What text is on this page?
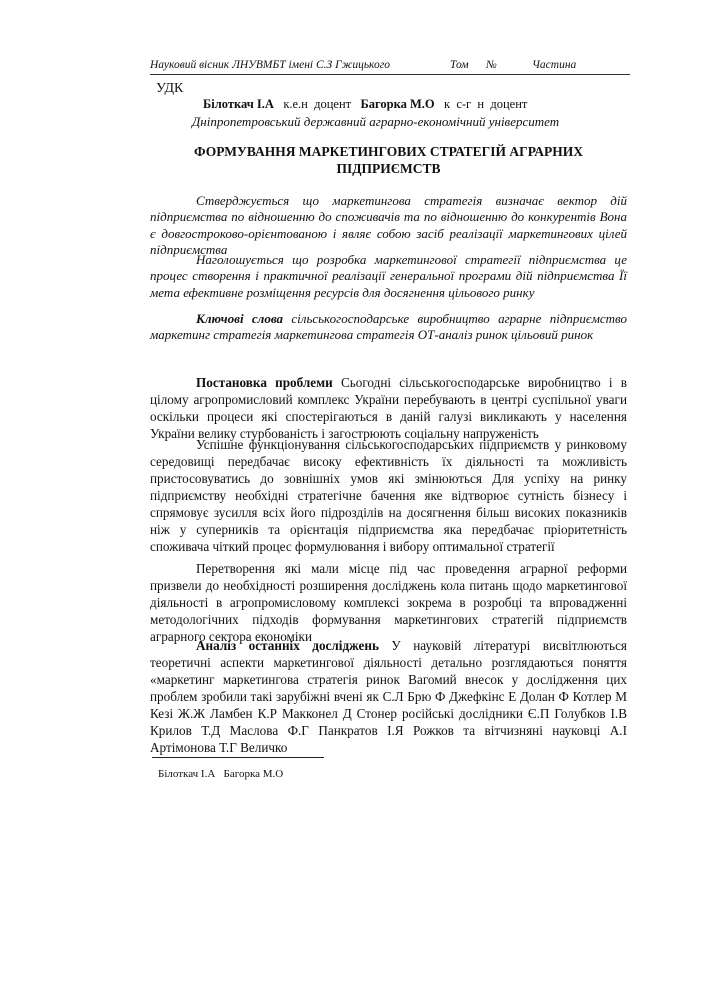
Науковий вісник ЛНУВМБТ імені С.З Гжицького	Том №	Частина
УДК
Білоткач І.А к.е.н  доцент Багорка М.О к  с-г  н  доцент
Дніпропетровський державний аграрно-економічний університет
ФОРМУВАННЯ МАРКЕТИНГОВИХ СТРАТЕГІЙ АГРАРНИХ ПІДПРИЄМСТВ
Стверджується що маркетингова стратегія визначає вектор дій підприємства по відношенню до споживачів та по відношенню до конкурентів Вона є довгостроково-орієнтованою і являє собою засіб реалізації маркетингових цілей підприємства
Наголошується що розробка маркетингової стратегії підприємства це процес створення і практичної реалізації генеральної програми дій підприємства Її мета ефективне розміщення ресурсів для досягнення цільового ринку
Ключові слова сільськогосподарське виробництво аграрне підприємство маркетинг стратегія маркетингова стратегія ОТ-аналіз ринок цільовий ринок
Постановка проблеми Сьогодні сільськогосподарське виробництво і в цілому агропромисловий комплекс України перебувають в центрі суспільної уваги оскільки процеси які спостерігаються в даній галузі викликають у населення України велику стурбованість і загострюють соціальну напруженість
Успішне функціонування сільськогосподарських підприємств у ринковому середовищі передбачає високу ефективність їх діяльності та можливість пристосовуватись до зовнішніх умов які змінюються Для успіху на ринку підприємству необхідні стратегічне бачення яке відтворює сутність бізнесу і спрямовує зусилля всіх його підрозділів на досягнення більш високих показників ніж у суперників та орієнтація підприємства яка передбачає пріоритетність споживача чіткий процес формулювання і вибору оптимальної стратегії
Перетворення які мали місце під час проведення аграрної реформи призвели до необхідності розширення досліджень кола питань щодо маркетингової діяльності в агропромисловому комплексі зокрема в розробці та впровадженні методологічних підходів формування маркетингових стратегій підприємств аграрного сектора економіки
Аналіз останніх досліджень У науковій літературі висвітлюються теоретичні аспекти маркетингової діяльності детально розглядаються поняття «маркетинг маркетингова стратегія ринок Вагомий внесок у дослідження цих проблем зробили такі зарубіжні вчені як С.Л Брю Ф Джефкінс Е Долан Ф Котлер М Кезі Ж.Ж Ламбен К.Р Макконел Д Стонер російські дослідники Є.П Голубков І.В Крилов Т.Д Маслова Ф.Г Панкратов І.Я Рожков та вітчизняні науковці А.І Артімонова Т.Г Величко
Білоткач І.А   Багорка М.О
